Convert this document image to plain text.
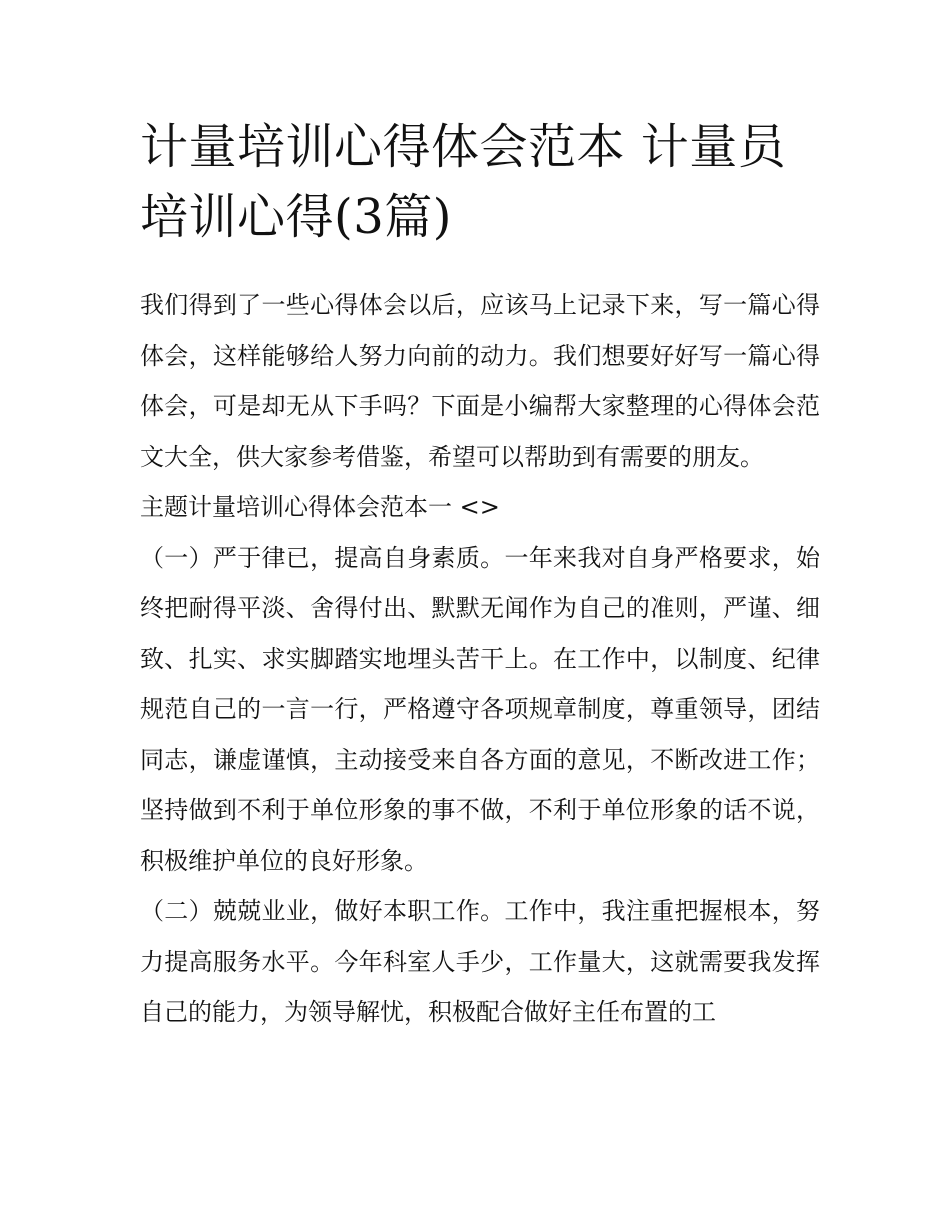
计量培训心得体会范本 计量员培训心得(3篇)

我们得到了一些心得体会以后，应该马上记录下来，写一篇心得体会，这样能够给人努力向前的动力。我们想要好好写一篇心得体会，可是却无从下手吗？下面是小编帮大家整理的心得体会范文大全，供大家参考借鉴，希望可以帮助到有需要的朋友。

主题计量培训心得体会范本一 <>

（一）严于律已，提高自身素质。一年来我对自身严格要求，始终把耐得平淡、舍得付出、默默无闻作为自己的准则，严谨、细致、扎实、求实脚踏实地埋头苦干上。在工作中，以制度、纪律规范自己的一言一行，严格遵守各项规章制度，尊重领导，团结同志，谦虚谨慎，主动接受来自各方面的意见，不断改进工作；坚持做到不利于单位形象的事不做，不利于单位形象的话不说，积极维护单位的良好形象。

（二）兢兢业业，做好本职工作。工作中，我注重把握根本，努力提高服务水平。今年科室人手少，工作量大，这就需要我发挥自己的能力，为领导解忧，积极配合做好主任布置的工
